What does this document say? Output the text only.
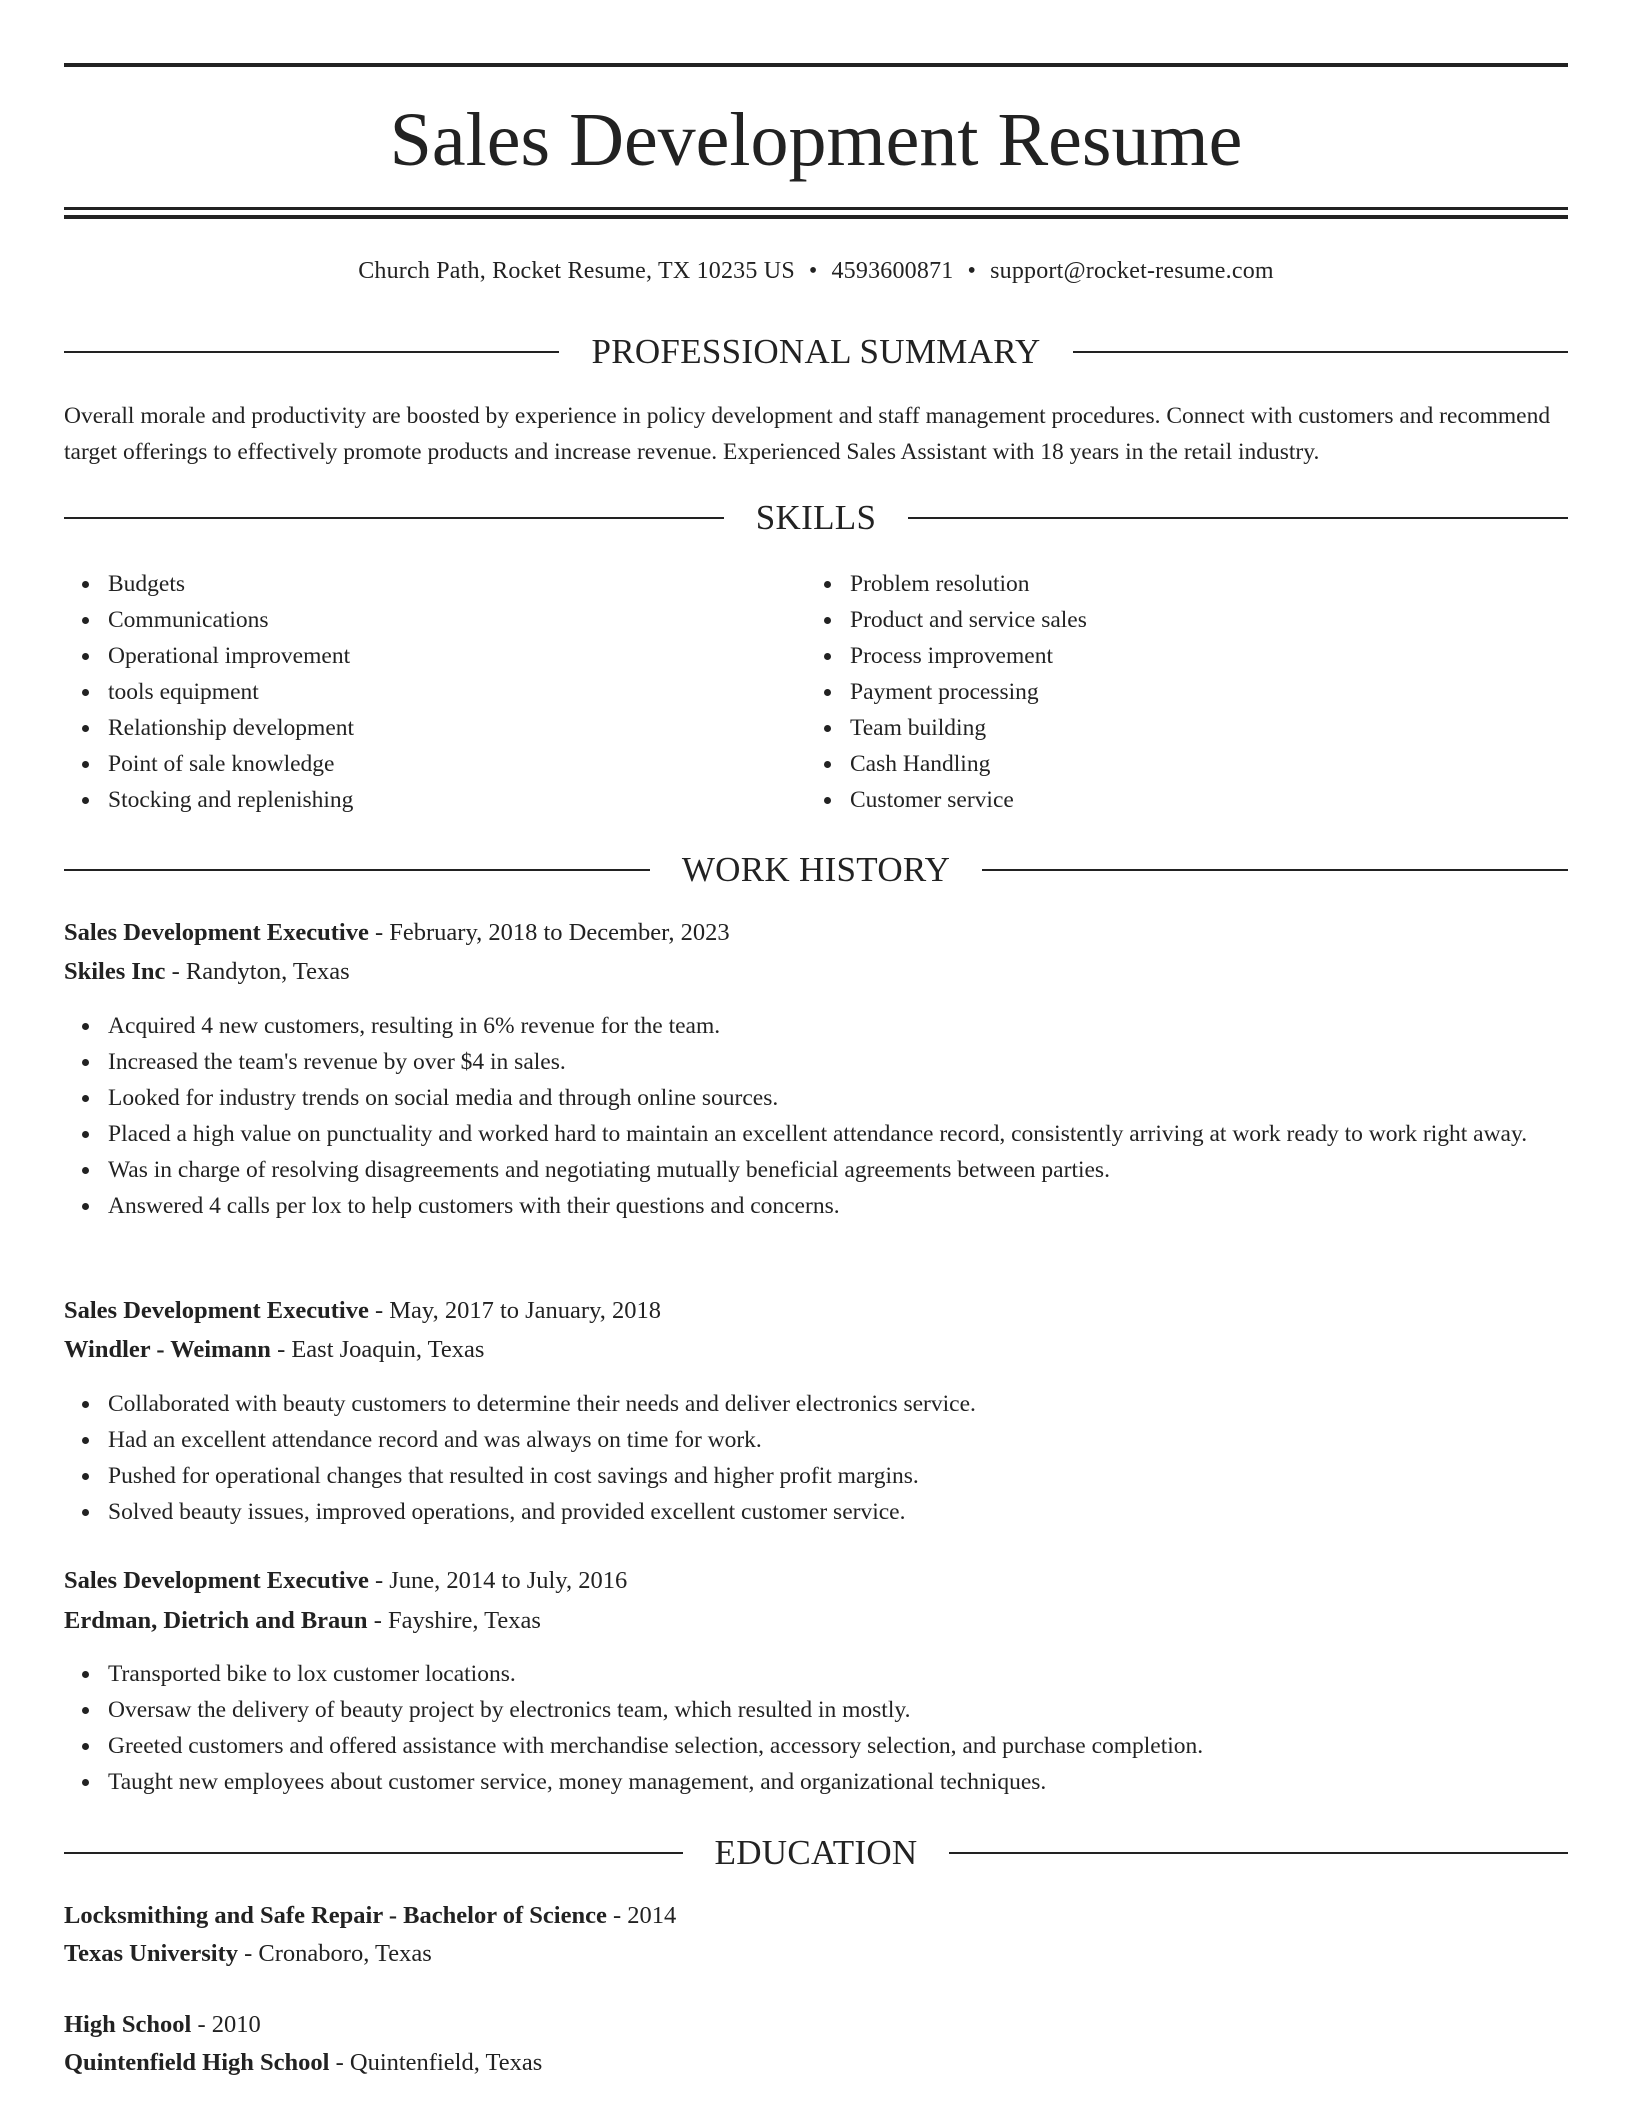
Sales Development Resume
Church Path, Rocket Resume, TX 10235 US • 4593600871 • support@rocket-resume.com
PROFESSIONAL SUMMARY
Overall morale and productivity are boosted by experience in policy development and staff management procedures. Connect with customers and recommend target offerings to effectively promote products and increase revenue. Experienced Sales Assistant with 18 years in the retail industry.
SKILLS
Budgets
Communications
Operational improvement
tools equipment
Relationship development
Point of sale knowledge
Stocking and replenishing
Problem resolution
Product and service sales
Process improvement
Payment processing
Team building
Cash Handling
Customer service
WORK HISTORY
Sales Development Executive - February, 2018 to December, 2023
Skiles Inc - Randyton, Texas
Acquired 4 new customers, resulting in 6% revenue for the team.
Increased the team's revenue by over $4 in sales.
Looked for industry trends on social media and through online sources.
Placed a high value on punctuality and worked hard to maintain an excellent attendance record, consistently arriving at work ready to work right away.
Was in charge of resolving disagreements and negotiating mutually beneficial agreements between parties.
Answered 4 calls per lox to help customers with their questions and concerns.
Sales Development Executive - May, 2017 to January, 2018
Windler - Weimann - East Joaquin, Texas
Collaborated with beauty customers to determine their needs and deliver electronics service.
Had an excellent attendance record and was always on time for work.
Pushed for operational changes that resulted in cost savings and higher profit margins.
Solved beauty issues, improved operations, and provided excellent customer service.
Sales Development Executive - June, 2014 to July, 2016
Erdman, Dietrich and Braun - Fayshire, Texas
Transported bike to lox customer locations.
Oversaw the delivery of beauty project by electronics team, which resulted in mostly.
Greeted customers and offered assistance with merchandise selection, accessory selection, and purchase completion.
Taught new employees about customer service, money management, and organizational techniques.
EDUCATION
Locksmithing and Safe Repair - Bachelor of Science - 2014
Texas University - Cronaboro, Texas
High School - 2010
Quintenfield High School - Quintenfield, Texas
